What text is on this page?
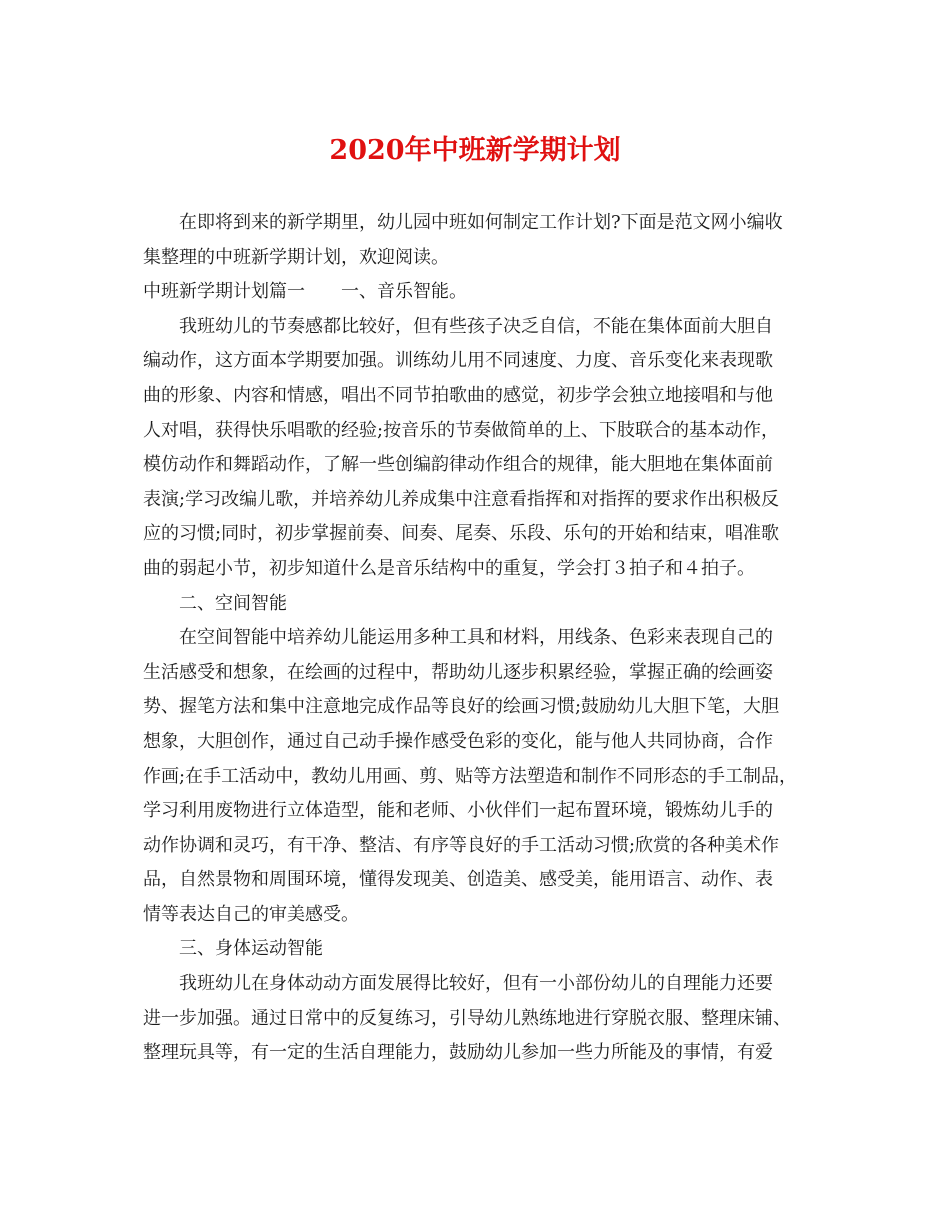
2020年中班新学期计划
在即将到来的新学期里，幼儿园中班如何制定工作计划?下面是范文网小编收
集整理的中班新学期计划，欢迎阅读。
中班新学期计划篇一　　一、音乐智能。
我班幼儿的节奏感都比较好，但有些孩子决乏自信，不能在集体面前大胆自
编动作，这方面本学期要加强。训练幼儿用不同速度、力度、音乐变化来表现歌
曲的形象、内容和情感，唱出不同节拍歌曲的感觉，初步学会独立地接唱和与他
人对唱，获得快乐唱歌的经验;按音乐的节奏做简单的上、下肢联合的基本动作，
模仿动作和舞蹈动作，了解一些创编韵律动作组合的规律，能大胆地在集体面前
表演;学习改编儿歌，并培养幼儿养成集中注意看指挥和对指挥的要求作出积极反
应的习惯;同时，初步掌握前奏、间奏、尾奏、乐段、乐句的开始和结束，唱准歌
曲的弱起小节，初步知道什么是音乐结构中的重复，学会打３拍子和４拍子。
二、空间智能
在空间智能中培养幼儿能运用多种工具和材料，用线条、色彩来表现自己的
生活感受和想象，在绘画的过程中，帮助幼儿逐步积累经验，掌握正确的绘画姿
势、握笔方法和集中注意地完成作品等良好的绘画习惯;鼓励幼儿大胆下笔，大胆
想象，大胆创作，通过自己动手操作感受色彩的变化，能与他人共同协商，合作
作画;在手工活动中，教幼儿用画、剪、贴等方法塑造和制作不同形态的手工制品，
学习利用废物进行立体造型，能和老师、小伙伴们一起布置环境，锻炼幼儿手的
动作协调和灵巧，有干净、整洁、有序等良好的手工活动习惯;欣赏的各种美术作
品，自然景物和周围环境，懂得发现美、创造美、感受美，能用语言、动作、表
情等表达自己的审美感受。
三、身体运动智能
我班幼儿在身体动动方面发展得比较好，但有一小部份幼儿的自理能力还要
进一步加强。通过日常中的反复练习，引导幼儿熟练地进行穿脱衣服、整理床铺、
整理玩具等，有一定的生活自理能力，鼓励幼儿参加一些力所能及的事情，有爱
